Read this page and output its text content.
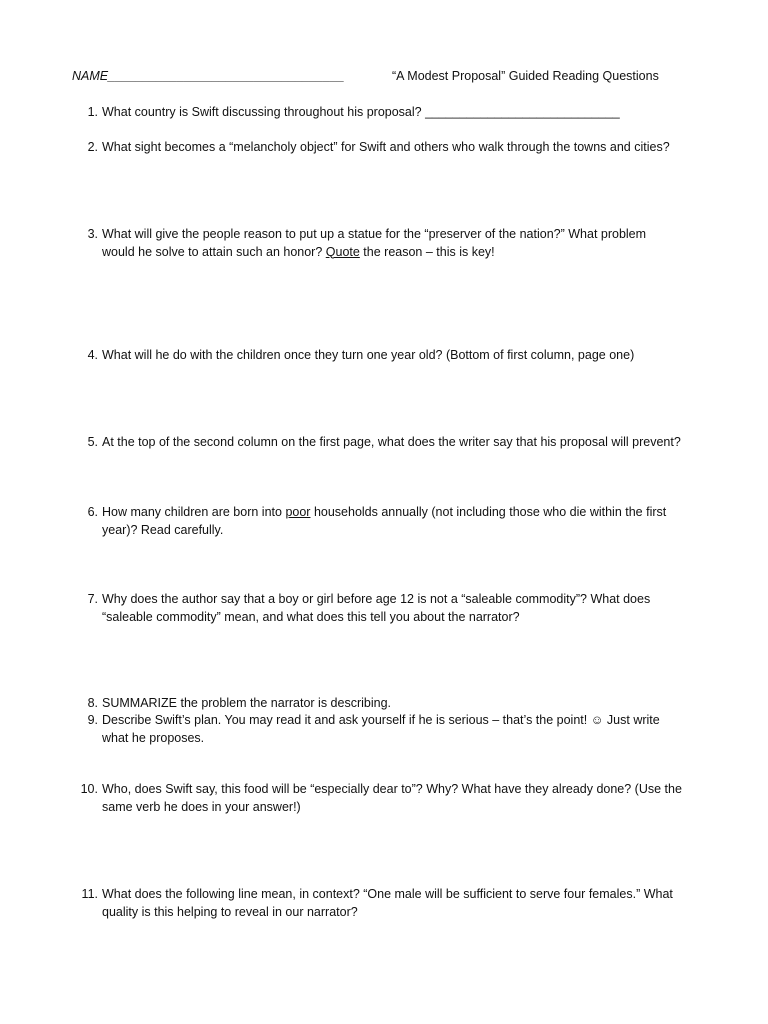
NAME__________________________________	“A Modest Proposal” Guided Reading Questions
1. What country is Swift discussing throughout his proposal? ____________________________
2. What sight becomes a “melancholy object” for Swift and others who walk through the towns and cities?
3. What will give the people reason to put up a statue for the “preserver of the nation?” What problem
would he solve to attain such an honor? Quote the reason – this is key!
4. What will he do with the children once they turn one year old? (Bottom of first column, page one)
5. At the top of the second column on the first page, what does the writer say that his proposal will prevent?
6. How many children are born into poor households annually (not including those who die within the first
year)? Read carefully.
7. Why does the author say that a boy or girl before age 12 is not a “saleable commodity”? What does
“saleable commodity” mean, and what does this tell you about the narrator?
8. SUMMARIZE the problem the narrator is describing.
9. Describe Swift’s plan. You may read it and ask yourself if he is serious – that’s the point! ☺ Just write
what he proposes.
10. Who, does Swift say, this food will be “especially dear to”? Why? What have they already done? (Use the
same verb he does in your answer!)
11. What does the following line mean, in context? “One male will be sufficient to serve four females.” What
quality is this helping to reveal in our narrator?
